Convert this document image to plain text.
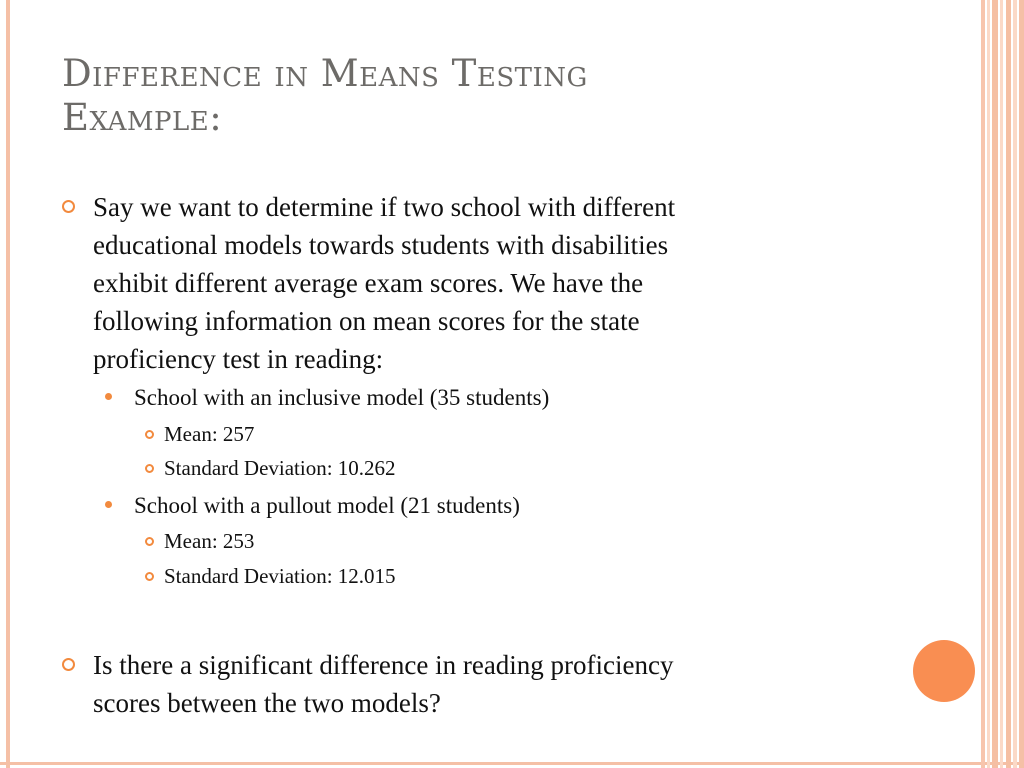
Difference in Means Testing
Example:
Say we want to determine if two school with different
educational models towards students with disabilities
exhibit different average exam scores. We have the
following information on mean scores for the state
proficiency test in reading:
School with an inclusive model (35 students)
Mean: 257
Standard Deviation: 10.262
School with a pullout model (21 students)
Mean: 253
Standard Deviation: 12.015
Is there a significant difference in reading proficiency
scores between the two models?
